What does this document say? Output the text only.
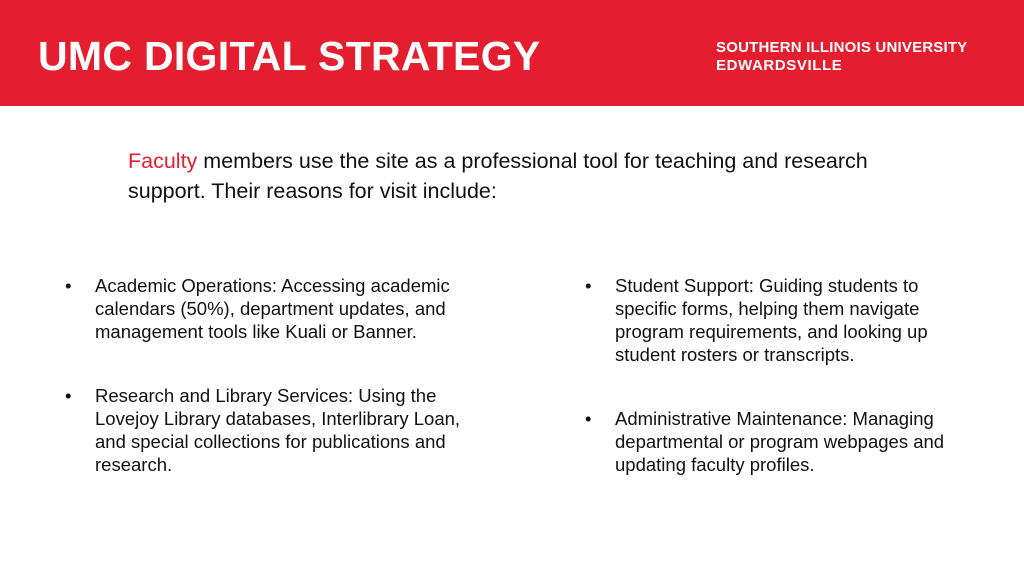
UMC DIGITAL STRATEGY	SOUTHERN ILLINOIS UNIVERSITY
EDWARDSVILLE
Faculty members use the site as a professional tool for teaching and research support. Their reasons for visit include:
• Academic Operations: Accessing academic calendars (50%), department updates, and management tools like Kuali or Banner.
• Research and Library Services: Using the Lovejoy Library databases, Interlibrary Loan, and special collections for publications and research.
• Student Support: Guiding students to specific forms, helping them navigate program requirements, and looking up student rosters or transcripts.
• Administrative Maintenance: Managing departmental or program webpages and updating faculty profiles.
